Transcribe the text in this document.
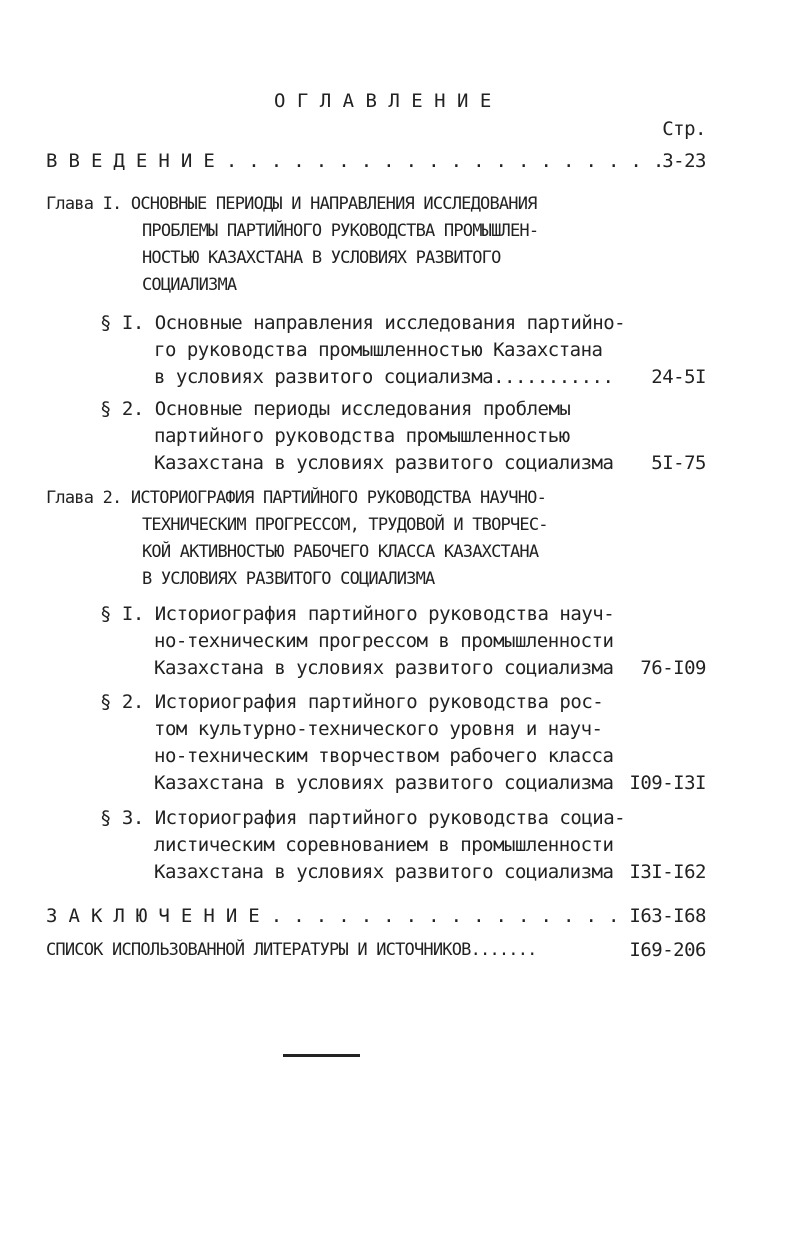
О Г Л А В Л Е Н И Е
Стр.
В В Е Д Е Н И Е . . . . . . . . . . . . . . . . . . . .
3-23
Глава I. ОСНОВНЫЕ ПЕРИОДЫ И НАПРАВЛЕНИЯ ИССЛЕДОВАНИЯ
ПРОБЛЕМЫ ПАРТИЙНОГО РУКОВОДСТВА ПРОМЫШЛЕН-
НОСТЬЮ КАЗАХСТАНА В УСЛОВИЯХ РАЗВИТОГО
СОЦИАЛИЗМА
§ I. Основные направления исследования партийно-
го руководства промышленностью Казахстана
в условиях развитого социализма........... 24-5I
§ 2. Основные периоды исследования проблемы
партийного руководства промышленностью
Казахстана в условиях развитого социализма 5I-75
Глава 2. ИСТОРИОГРАФИЯ ПАРТИЙНОГО РУКОВОДСТВА НАУЧНО-
ТЕХНИЧЕСКИМ ПРОГРЕССОМ, ТРУДОВОЙ И ТВОРЧЕС-
КОЙ АКТИВНОСТЬЮ РАБОЧЕГО КЛАССА КАЗАХСТАНА
В УСЛОВИЯХ РАЗВИТОГО СОЦИАЛИЗМА
§ I. Историография партийного руководства науч-
но-техническим прогрессом в промышленности
Казахстана в условиях развитого социализма 76-I09
§ 2. Историография партийного руководства рос-
том культурно-технического уровня и науч-
но-техническим творчеством рабочего класса
Казахстана в условиях развитого социализма I09-I3I
§ 3. Историография партийного руководства социа-
листическим соревнованием в промышленности
Казахстана в условиях развитого социализма I3I-I62
З А К Л Ю Ч Е Н И Е . . . . . . . . . . . . . . . . I63-I68
СПИСОК ИСПОЛЬЗОВАННОЙ ЛИТЕРАТУРЫ И ИСТОЧНИКОВ.......	I69-206
